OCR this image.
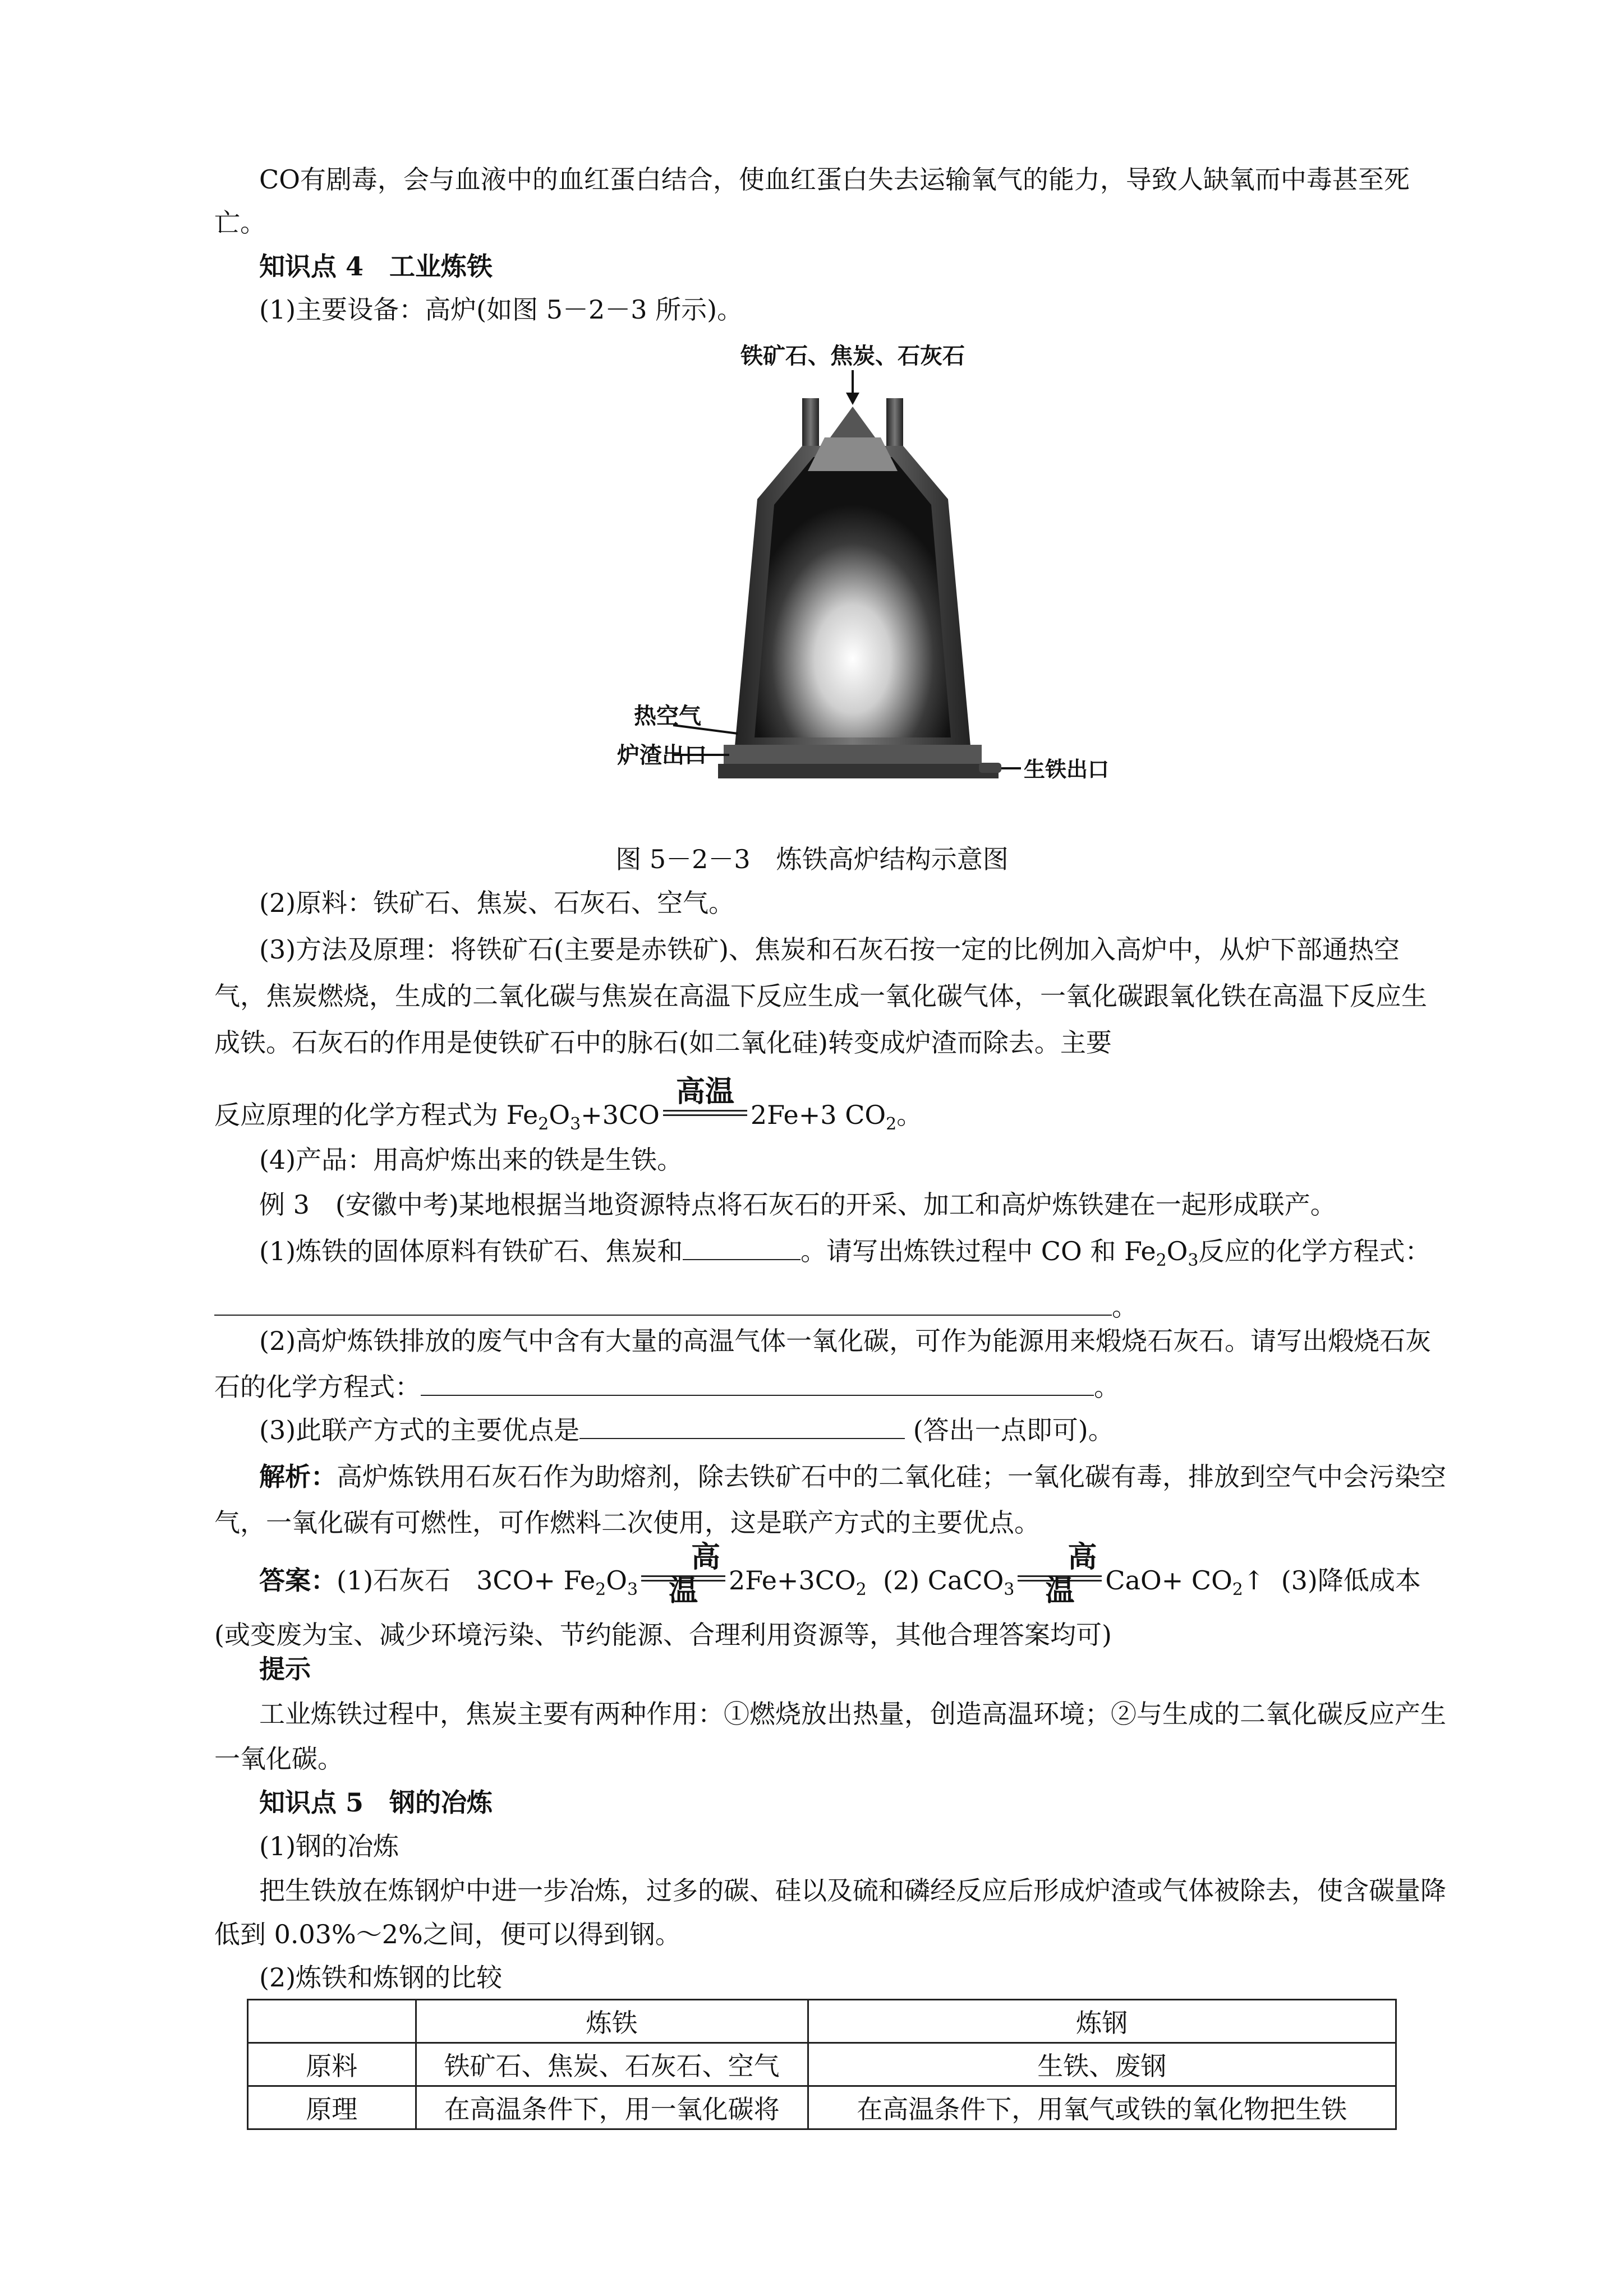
CO有剧毒，会与血液中的血红蛋白结合，使血红蛋白失去运输氧气的能力，导致人缺氧而中毒甚至死亡。
知识点 4　工业炼铁
(1)主要设备：高炉(如图 5－2－3 所示)。
铁矿石、焦炭、石灰石
热空气
炉渣出口
生铁出口
图 5－2－3　炼铁高炉结构示意图
(2)原料：铁矿石、焦炭、石灰石、空气。
(3)方法及原理：将铁矿石(主要是赤铁矿)、焦炭和石灰石按一定的比例加入高炉中，从炉下部通热空气，焦炭燃烧，生成的二氧化碳与焦炭在高温下反应生成一氧化碳气体，一氧化碳跟氧化铁在高温下反应生成铁。石灰石的作用是使铁矿石中的脉石(如二氧化硅)转变成炉渣而除去。主要
反应原理的化学方程式为 $Fe_2O_3+3CO$
高温
2Fe+3 $CO_2$。
(4)产品：用高炉炼出来的铁是生铁。
例 3　(安徽中考)某地根据当地资源特点将石灰石的开采、加工和高炉炼铁建在一起形成联产。
(1)炼铁的固体原料有铁矿石、焦炭和	。请写出炼铁过程中 CO 和 $Fe_2O_3$反应的化学方程式：。
(2)高炉炼铁排放的废气中含有大量的高温气体一氧化碳，可作为能源用来煅烧石灰石。请写出煅烧石灰石的化学方程式：	。
(3)此联产方式的主要优点是	(答出一点即可)。
解析：高炉炼铁用石灰石作为助熔剂，除去铁矿石中的二氧化硅；一氧化碳有毒，排放到空气中会污染空气，一氧化碳有可燃性，可作燃料二次使用，这是联产方式的主要优点。
答案：(1)石灰石　$3CO+ Fe_2O_3$
高温	$2Fe+3CO_2$ (2) CaCO$_3$
高温	$CaO+ CO_2↑$ (3)降低成本(或变废为宝、减少环境污染、节约能源、合理利用资源等，其他合理答案均可)
提示
工业炼铁过程中，焦炭主要有两种作用：①燃烧放出热量，创造高温环境；②与生成的二氧化碳反应产生一氧化碳。
知识点 5　钢的冶炼
(1)钢的冶炼
把生铁放在炼钢炉中进一步冶炼，过多的碳、硅以及硫和磷经反应后形成炉渣或气体被除去，使含碳量降低到 0.03%～2%之间，便可以得到钢。
(2)炼铁和炼钢的比较
	炼铁	炼钢
原料	铁矿石、焦炭、石灰石、空气	生铁、废钢
原理	在高温条件下，用一氧化碳将	在高温条件下，用氧气或铁的氧化物把生铁
